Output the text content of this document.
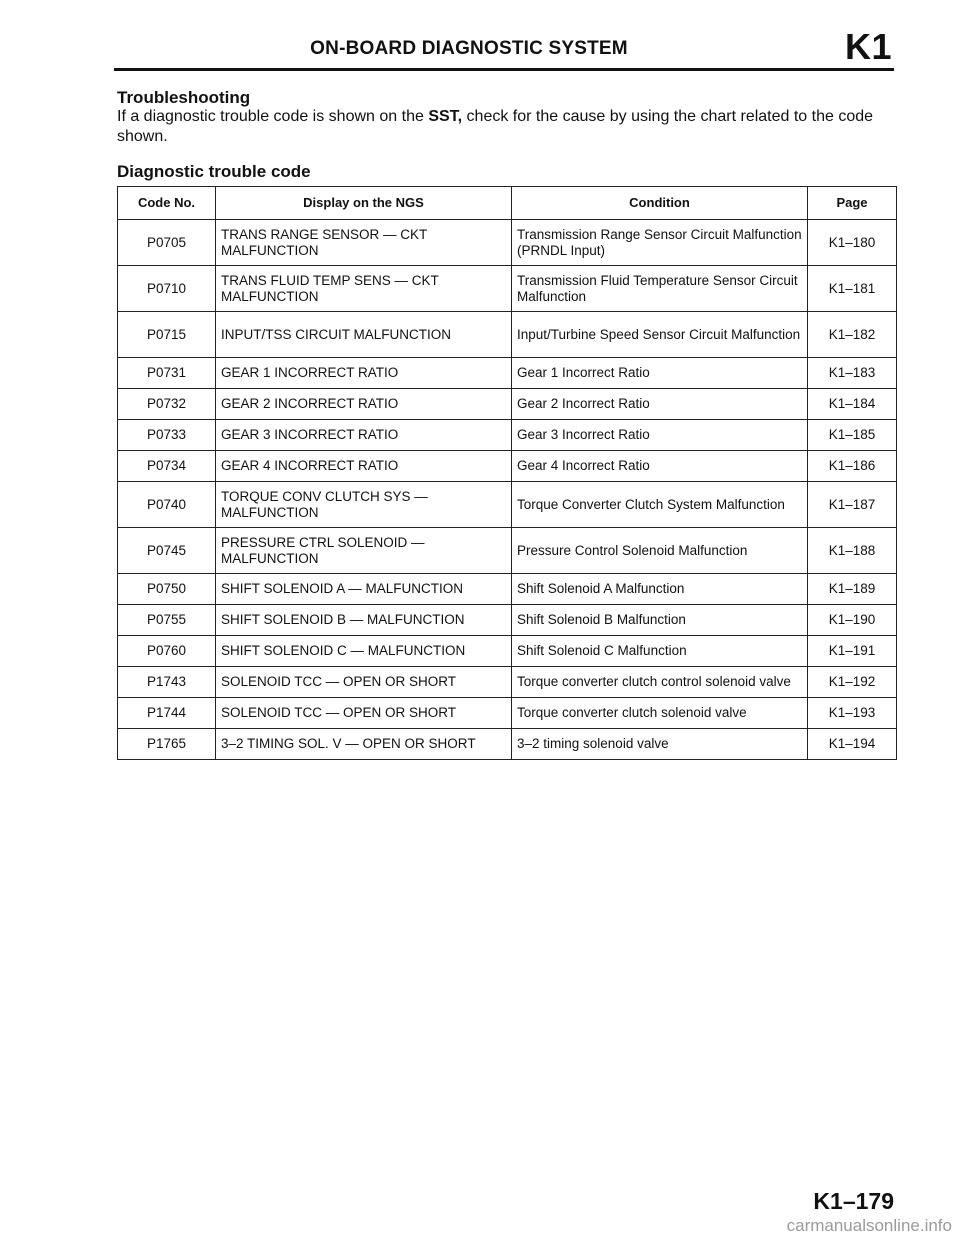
ON-BOARD DIAGNOSTIC SYSTEM	K1
Troubleshooting
If a diagnostic trouble code is shown on the SST, check for the cause by using the chart related to the code shown.
Diagnostic trouble code
Code No.	Display on the NGS	Condition	Page
P0705	TRANS RANGE SENSOR — CKT MALFUNCTION	Transmission Range Sensor Circuit Malfunction (PRNDL Input)	K1–180
P0710	TRANS FLUID TEMP SENS — CKT MALFUNCTION	Transmission Fluid Temperature Sensor Circuit Malfunction	K1–181
P0715	INPUT/TSS CIRCUIT MALFUNCTION	Input/Turbine Speed Sensor Circuit Malfunction	K1–182
P0731	GEAR 1 INCORRECT RATIO	Gear 1 Incorrect Ratio	K1–183
P0732	GEAR 2 INCORRECT RATIO	Gear 2 Incorrect Ratio	K1–184
P0733	GEAR 3 INCORRECT RATIO	Gear 3 Incorrect Ratio	K1–185
P0734	GEAR 4 INCORRECT RATIO	Gear 4 Incorrect Ratio	K1–186
P0740	TORQUE CONV CLUTCH SYS — MALFUNCTION	Torque Converter Clutch System Malfunction	K1–187
P0745	PRESSURE CTRL SOLENOID — MALFUNCTION	Pressure Control Solenoid Malfunction	K1–188
P0750	SHIFT SOLENOID A — MALFUNCTION	Shift Solenoid A Malfunction	K1–189
P0755	SHIFT SOLENOID B — MALFUNCTION	Shift Solenoid B Malfunction	K1–190
P0760	SHIFT SOLENOID C — MALFUNCTION	Shift Solenoid C Malfunction	K1–191
P1743	SOLENOID TCC — OPEN OR SHORT	Torque converter clutch control solenoid valve	K1–192
P1744	SOLENOID TCC — OPEN OR SHORT	Torque converter clutch solenoid valve	K1–193
P1765	3–2 TIMING SOL. V — OPEN OR SHORT	3–2 timing solenoid valve	K1–194
K1–179
carmanualsonline.info
